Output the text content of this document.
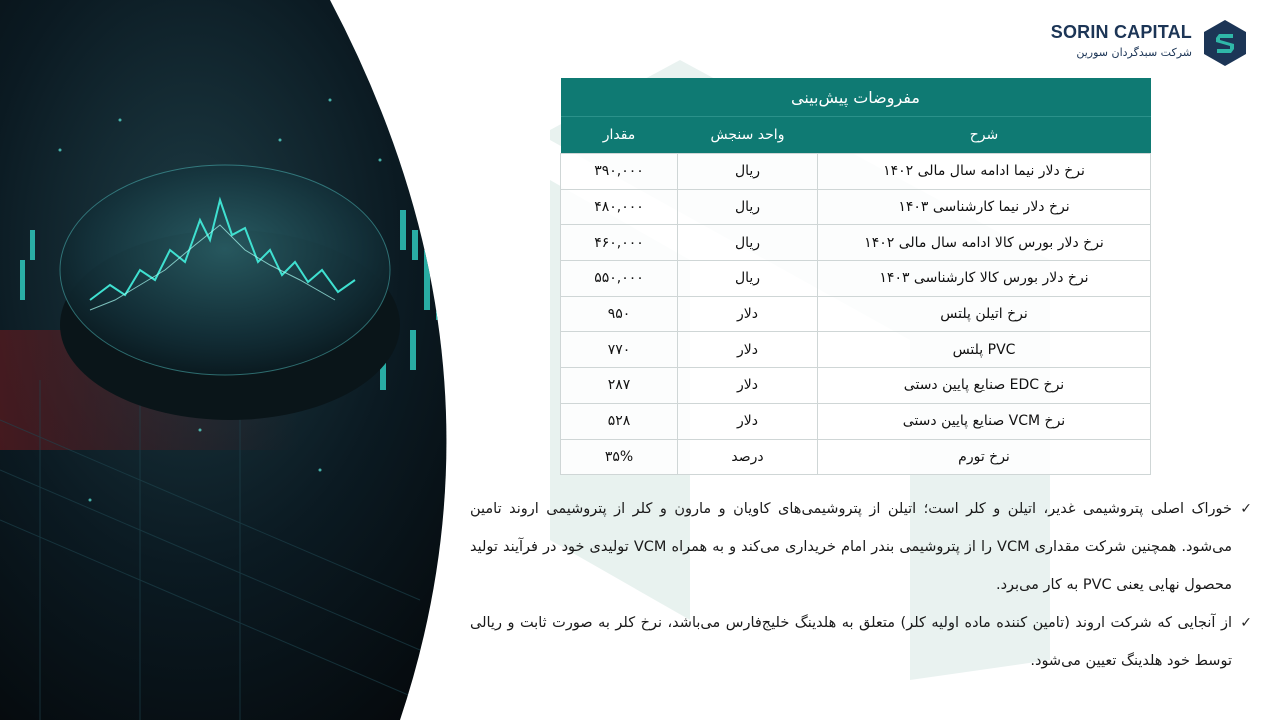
SORIN CAPITAL
شرکت سبدگردان سورین
مفروضات پیش‌بینی		
شرح	واحد سنجش	مقدار
نرخ دلار نیما ادامه سال مالی ۱۴۰۲	ریال	۳۹۰,۰۰۰
نرخ دلار نیما کارشناسی ۱۴۰۳	ریال	۴۸۰,۰۰۰
نرخ دلار بورس کالا ادامه سال مالی ۱۴۰۲	ریال	۴۶۰,۰۰۰
نرخ دلار بورس کالا کارشناسی ۱۴۰۳	ریال	۵۵۰,۰۰۰
نرخ اتیلن پلتس	دلار	۹۵۰
PVC پلتس	دلار	۷۷۰
نرخ EDC صنایع پایین دستی	دلار	۲۸۷
نرخ VCM صنایع پایین دستی	دلار	۵۲۸
نرخ تورم	درصد	۳۵%
✓
خوراک اصلی پتروشیمی غدیر، اتیلن و کلر است؛ اتیلن از پتروشیمی‌های کاویان و مارون و کلر از پتروشیمی اروند تامین می‌شود. همچنین شرکت مقداری VCM را از پتروشیمی بندر امام خریداری می‌کند و به همراه VCM تولیدی خود در فرآیند تولید محصول نهایی یعنی PVC به کار می‌برد.
✓
از آنجایی که شرکت اروند (تامین کننده ماده اولیه کلر) متعلق به هلدینگ خلیج‌فارس می‌باشد، نرخ کلر به صورت ثابت و ریالی توسط خود هلدینگ تعیین می‌شود.
